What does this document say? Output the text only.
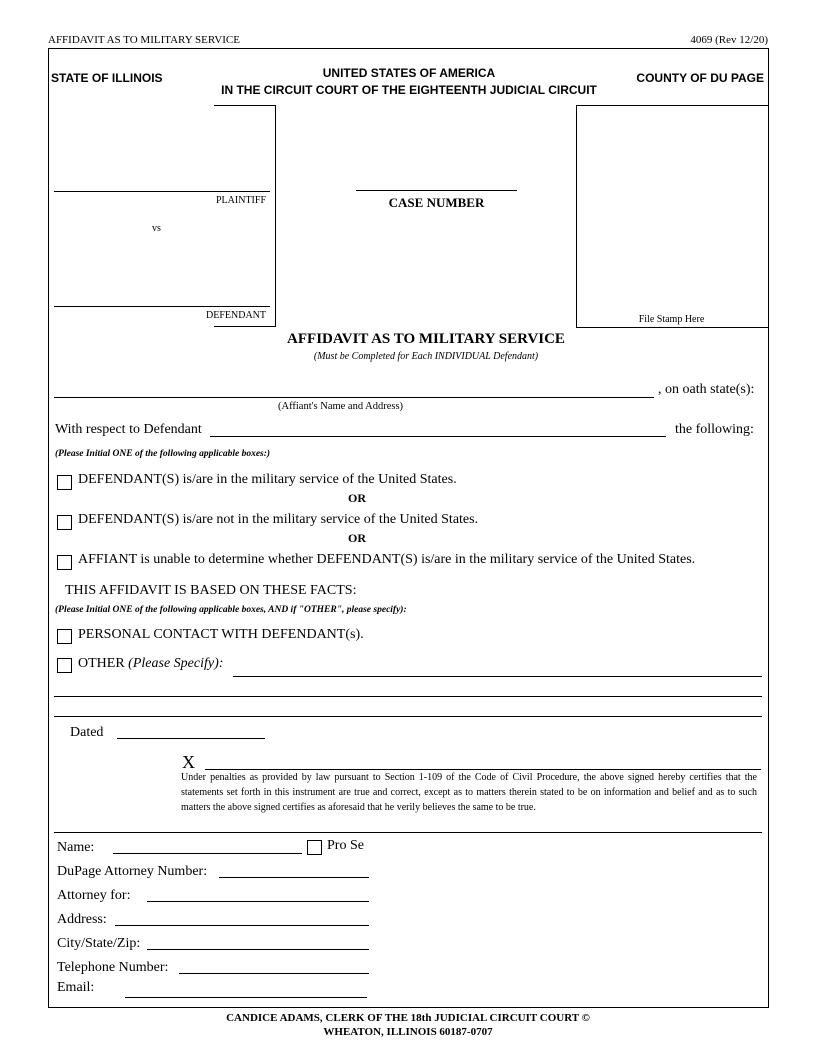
AFFIDAVIT AS TO MILITARY SERVICE	4069 (Rev 12/20)
STATE OF ILLINOIS	UNITED STATES OF AMERICA
IN THE CIRCUIT COURT OF THE EIGHTEENTH JUDICIAL CIRCUIT
COUNTY OF DU PAGE
PLAINTIFF
vs
DEFENDANT
CASE NUMBER
File Stamp Here
AFFIDAVIT AS TO MILITARY SERVICE
(Must be Completed for Each INDIVIDUAL Defendant)
, on oath state(s):
(Affiant's Name and Address)
With respect to Defendant	the following:
(Please Initial ONE of the following applicable boxes:)
DEFENDANT(S) is/are in the military service of the United States.
OR
DEFENDANT(S) is/are not in the military service of the United States.
OR
AFFIANT is unable to determine whether DEFENDANT(S) is/are in the military service of the United States.
THIS AFFIDAVIT IS BASED ON THESE FACTS:
(Please Initial ONE of the following applicable boxes, AND if "OTHER", please specify):
PERSONAL CONTACT WITH DEFENDANT(s).
OTHER (Please Specify):
Dated
X
Under penalties as provided by law pursuant to Section 1-109 of the Code of Civil Procedure, the above signed hereby certifies that the statements set forth in this instrument are true and correct, except as to matters therein stated to be on information and belief and as to such matters the above signed certifies as aforesaid that he verily believes the same to be true.
Name:	Pro Se
DuPage Attorney Number:
Attorney for:
Address:
City/State/Zip:
Telephone Number:
Email:
CANDICE ADAMS, CLERK OF THE 18th JUDICIAL CIRCUIT COURT ©
WHEATON, ILLINOIS 60187-0707
